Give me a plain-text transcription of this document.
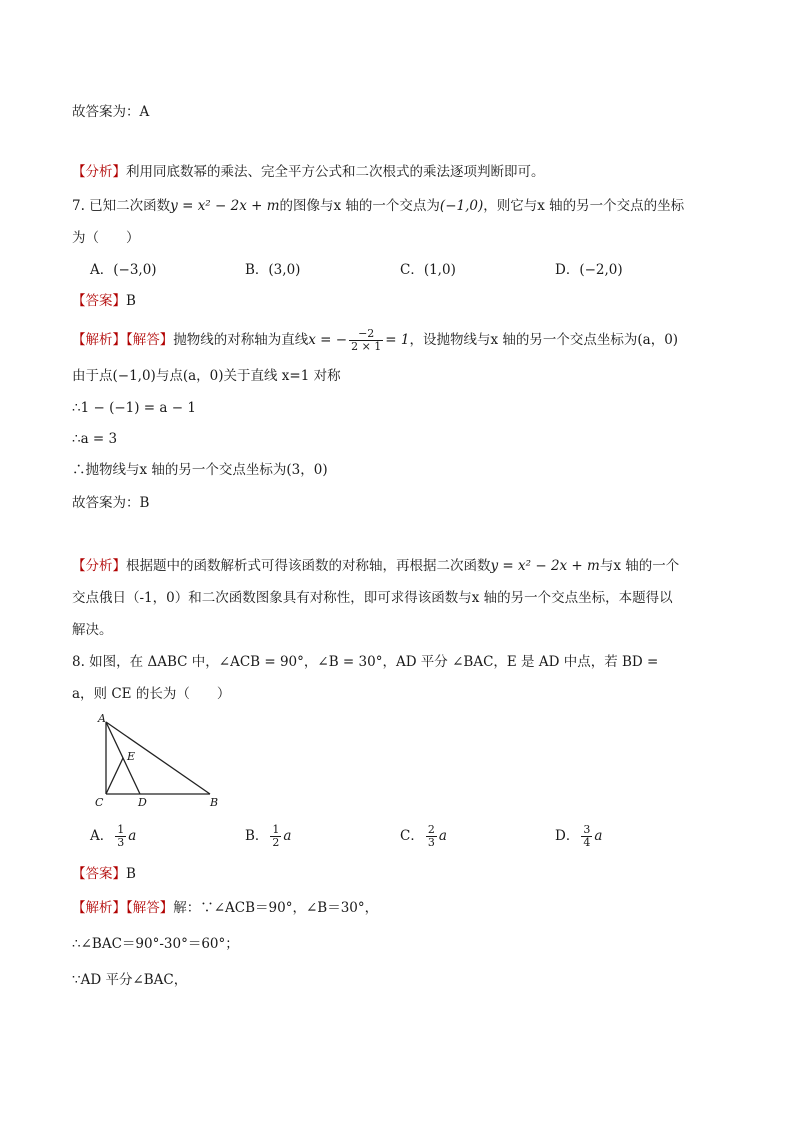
故答案为：A
【分析】利用同底数幂的乘法、完全平方公式和二次根式的乘法逐项判断即可。
7. 已知二次函数y = x² − 2x + m的图像与x 轴的一个交点为(−1,0)，则它与x 轴的另一个交点的坐标
为（　　）
A．(−3,0)	B．(3,0)	C．(1,0)	D．(−2,0)
【答案】B
【解析】【解答】抛物线的对称轴为直线x = − $\frac{-2}{2 \times 1} = 1$，设抛物线与x 轴的另一个交点坐标为(a，0)
由于点(−1,0)与点(a，0)关于直线 x=1 对称
∴1 − (−1) = a − 1
∴a = 3
∴抛物线与x 轴的另一个交点坐标为(3，0)
故答案为：B
【分析】根据题中的函数解析式可得该函数的对称轴，再根据二次函数y = x² − 2x + m与x 轴的一个
交点俄日（-1，0）和二次函数图象具有对称性，即可求得该函数与x 轴的另一个交点坐标，本题得以
解决。
8. 如图，在 ΔABC 中，∠ACB = 90°，∠B = 30°，AD 平分 ∠BAC，E 是 AD 中点，若 BD =
a，则 CE 的长为（　　）
A
E
C	D	B
A． $\frac{1}{3}$ a	B． $\frac{1}{2}$ a	C． $\frac{2}{3}$ a	D． $\frac{3}{4}$ a
【答案】B
【解析】【解答】解：∵∠ACB＝90°，∠B＝30°，
∴∠BAC＝90°-30°＝60°；
∵AD 平分∠BAC，
